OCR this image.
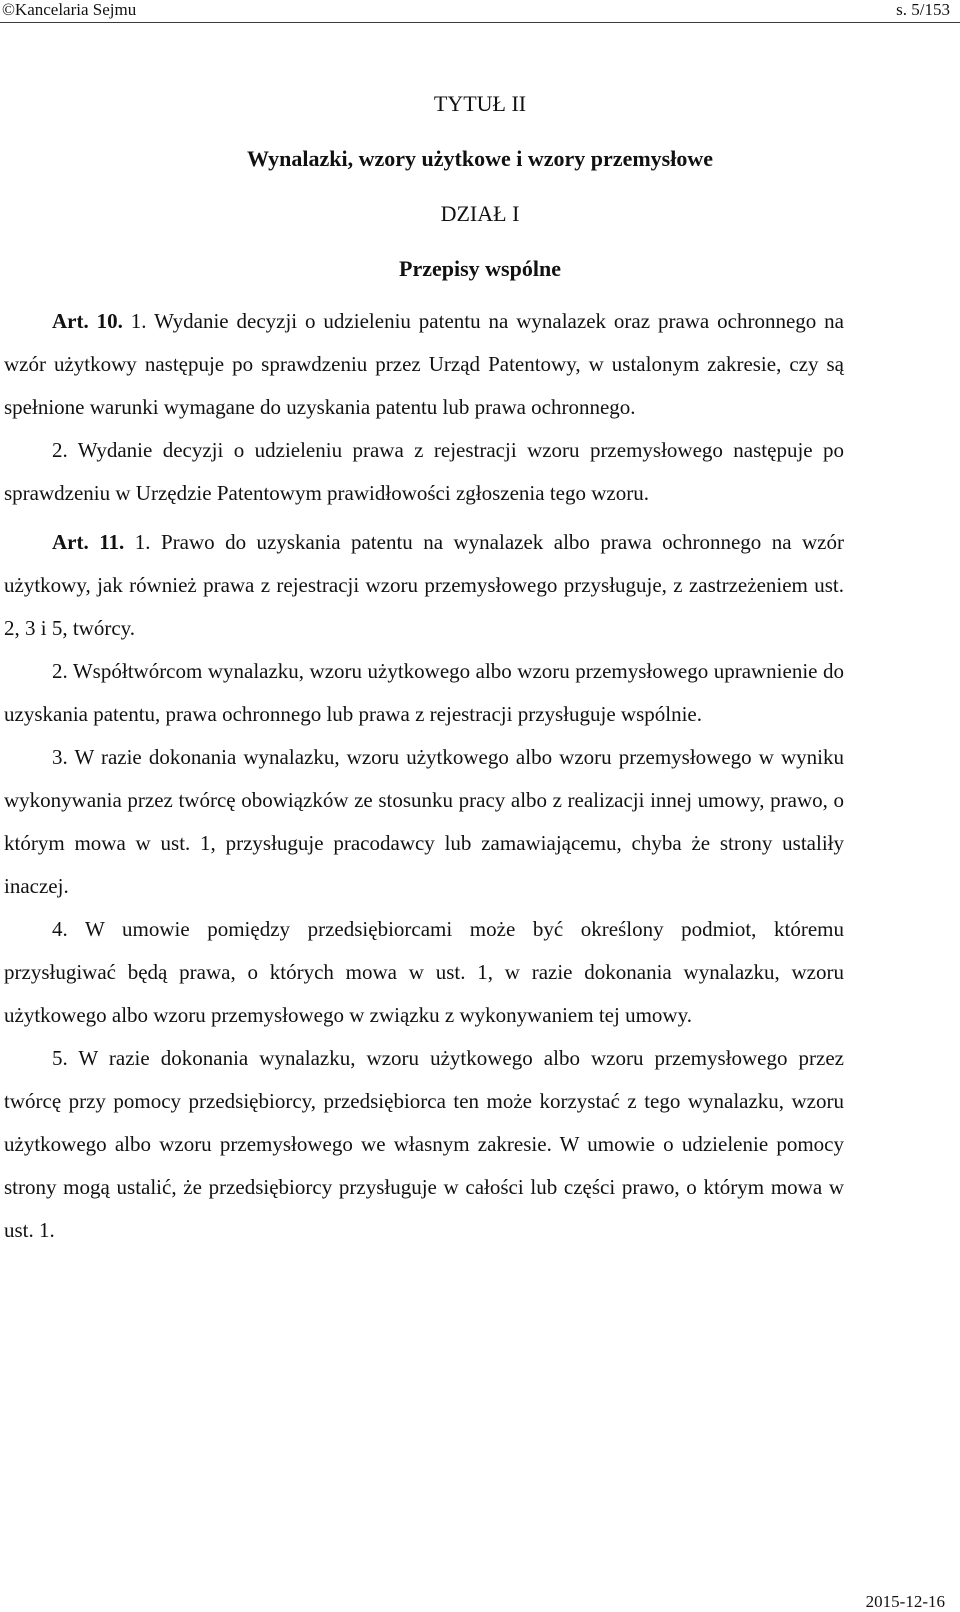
©Kancelaria Sejmu	s. 5/153
TYTUŁ II
Wynalazki, wzory użytkowe i wzory przemysłowe
DZIAŁ I
Przepisy wspólne

Art. 10. 1. Wydanie decyzji o udzieleniu patentu na wynalazek oraz prawa ochronnego na wzór użytkowy następuje po sprawdzeniu przez Urząd Patentowy, w ustalonym zakresie, czy są spełnione warunki wymagane do uzyskania patentu lub prawa ochronnego.

2. Wydanie decyzji o udzieleniu prawa z rejestracji wzoru przemysłowego następuje po sprawdzeniu w Urzędzie Patentowym prawidłowości zgłoszenia tego wzoru.

Art. 11. 1. Prawo do uzyskania patentu na wynalazek albo prawa ochronnego na wzór użytkowy, jak również prawa z rejestracji wzoru przemysłowego przysługuje, z zastrzeżeniem ust. 2, 3 i 5, twórcy.

2. Współtwórcom wynalazku, wzoru użytkowego albo wzoru przemysłowego uprawnienie do uzyskania patentu, prawa ochronnego lub prawa z rejestracji przysługuje wspólnie.

3. W razie dokonania wynalazku, wzoru użytkowego albo wzoru przemysłowego w wyniku wykonywania przez twórcę obowiązków ze stosunku pracy albo z realizacji innej umowy, prawo, o którym mowa w ust. 1, przysługuje pracodawcy lub zamawiającemu, chyba że strony ustaliły inaczej.

4. W umowie pomiędzy przedsiębiorcami może być określony podmiot, któremu przysługiwać będą prawa, o których mowa w ust. 1, w razie dokonania wynalazku, wzoru użytkowego albo wzoru przemysłowego w związku z wykonywaniem tej umowy.

5. W razie dokonania wynalazku, wzoru użytkowego albo wzoru przemysłowego przez twórcę przy pomocy przedsiębiorcy, przedsiębiorca ten może korzystać z tego wynalazku, wzoru użytkowego albo wzoru przemysłowego we własnym zakresie. W umowie o udzielenie pomocy strony mogą ustalić, że przedsiębiorcy przysługuje w całości lub części prawo, o którym mowa w ust. 1.

2015-12-16
